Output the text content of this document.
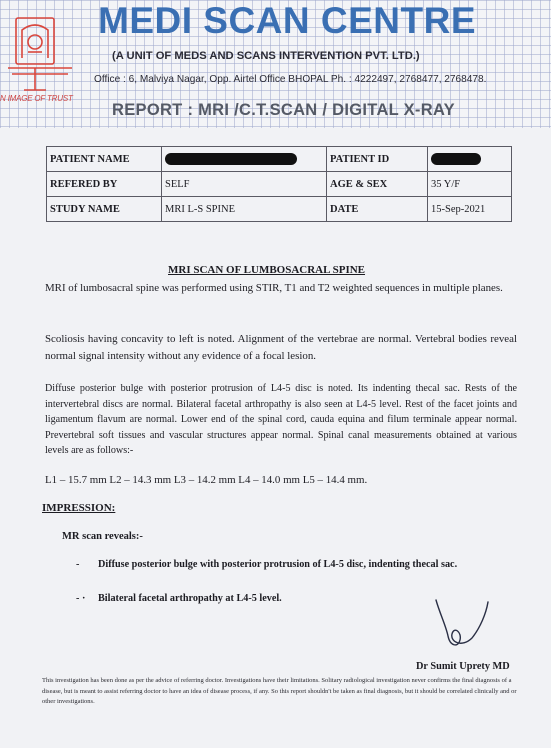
N IMAGE OF TRUST
MEDI SCAN CENTRE
(A UNIT OF MEDS AND SCANS INTERVENTION PVT. LTD.)
Office : 6, Malviya Nagar, Opp. Airtel Office BHOPAL Ph. : 4222497, 2768477, 2768478.
REPORT : MRI /C.T.SCAN / DIGITAL X-RAY
PATIENT NAME		PATIENT ID	
REFERED BY	SELF	AGE & SEX	35 Y/F
STUDY NAME	MRI L-S SPINE	DATE	15-Sep-2021
MRI SCAN OF LUMBOSACRAL SPINE
MRI of lumbosacral spine was performed using STIR, T1 and T2 weighted sequences in multiple planes.
Scoliosis having concavity to left is noted. Alignment of the vertebrae are normal. Vertebral bodies reveal normal signal intensity without any evidence of a focal lesion.
Diffuse posterior bulge with posterior protrusion of L4-5 disc is noted. Its indenting thecal sac. Rests of the intervertebral discs are normal. Bilateral facetal arthropathy is also seen at L4-5 level. Rest of the facet joints and ligamentum flavum are normal. Lower end of the spinal cord, cauda equina and filum terminale appear normal. Prevertebral soft tissues and vascular structures appear normal. Spinal canal measurements obtained at various levels are as follows:-
L1 – 15.7 mm L2 – 14.3 mm L3 – 14.2 mm L4 – 14.0 mm L5 – 14.4 mm.
IMPRESSION:
MR scan reveals:-
- Diffuse posterior bulge with posterior protrusion of L4-5 disc, indenting thecal sac.
- · Bilateral facetal arthropathy at L4-5 level.
Dr Sumit Uprety MD
This investigation has been done as per the advice of referring doctor. Investigations have their limitations. Solitary radiological investigation never confirms the final diagnosis of a disease, but is meant to assist referring doctor to have an idea of disease process, if any. So this report shouldn't be taken as final diagnosis, but it should be correlated clinically and or other investigations.
